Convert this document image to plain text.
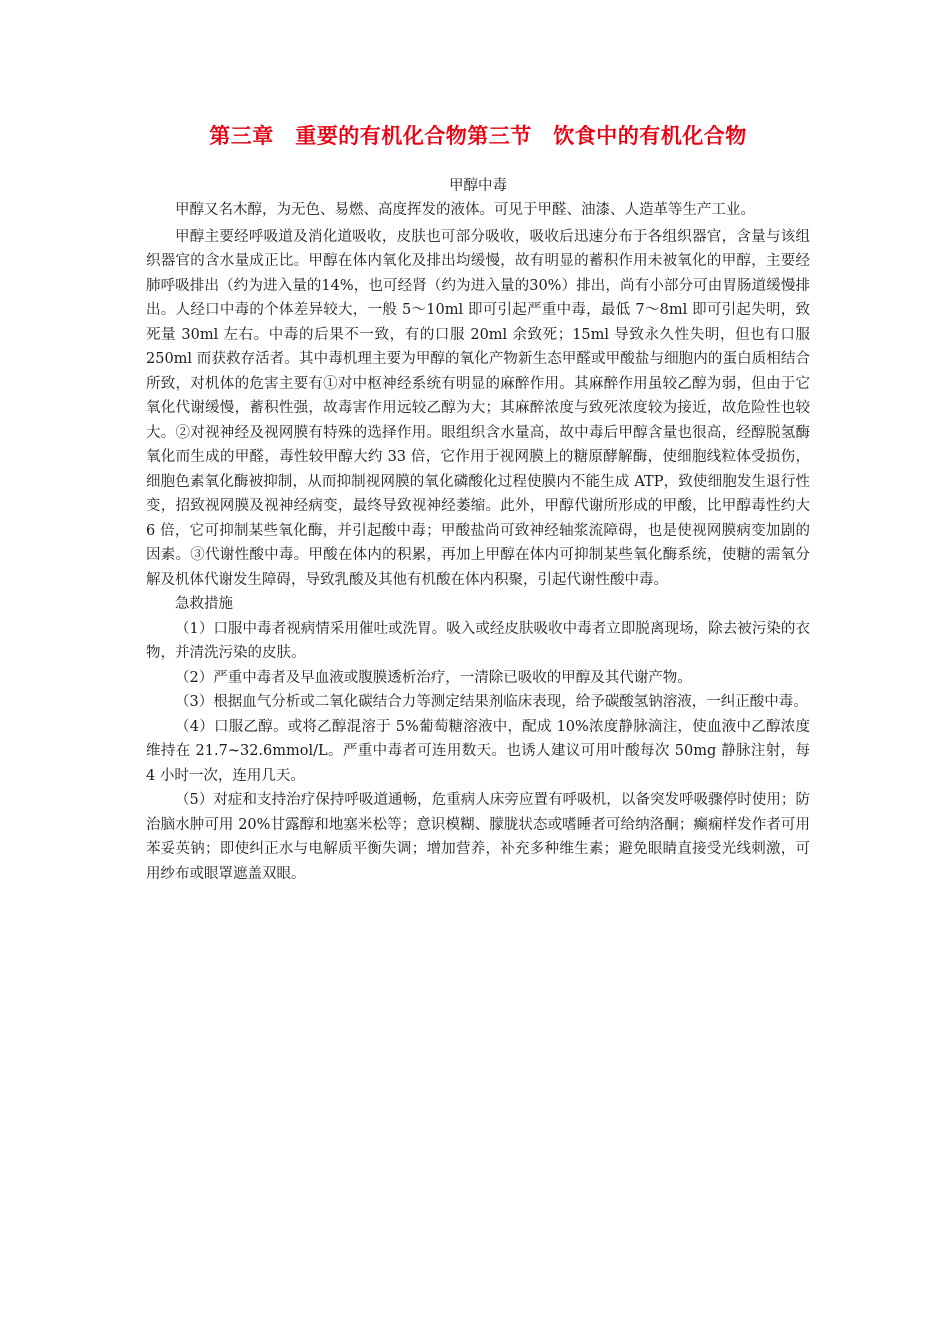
第三章　重要的有机化合物第三节　饮食中的有机化合物
甲醇中毒

甲醇又名木醇，为无色、易燃、高度挥发的液体。可见于甲醛、油漆、人造革等生产工业。

甲醇主要经呼吸道及消化道吸收，皮肤也可部分吸收，吸收后迅速分布于各组织器官，含量与该组织器官的含水量成正比。甲醇在体内氧化及排出均缓慢，故有明显的蓄积作用未被氧化的甲醇，主要经肺呼吸排出（约为进入量的14%，也可经肾（约为进入量的30%）排出，尚有小部分可由胃肠道缓慢排出。人经口中毒的个体差异较大，一般 5～10ml 即可引起严重中毒，最低 7～8ml 即可引起失明，致死量 30ml 左右。中毒的后果不一致，有的口服 20ml 余致死；15ml 导致永久性失明，但也有口服 250ml 而获救存活者。其中毒机理主要为甲醇的氧化产物新生态甲醛或甲酸盐与细胞内的蛋白质相结合所致，对机体的危害主要有①对中枢神经系统有明显的麻醉作用。其麻醉作用虽较乙醇为弱，但由于它氧化代谢缓慢，蓄积性强，故毒害作用远较乙醇为大；其麻醉浓度与致死浓度较为接近，故危险性也较大。②对视神经及视网膜有特殊的选择作用。眼组织含水量高，故中毒后甲醇含量也很高，经醇脱氢酶氧化而生成的甲醛，毒性较甲醇大约 33 倍，它作用于视网膜上的糖原酵解酶，使细胞线粒体受损伤，细胞色素氧化酶被抑制，从而抑制视网膜的氧化磷酸化过程使膜内不能生成 ATP，致使细胞发生退行性变，招致视网膜及视神经病变，最终导致视神经萎缩。此外，甲醇代谢所形成的甲酸，比甲醇毒性约大 6 倍，它可抑制某些氧化酶，并引起酸中毒；甲酸盐尚可致神经轴浆流障碍，也是使视网膜病变加剧的因素。③代谢性酸中毒。甲酸在体内的积累，再加上甲醇在体内可抑制某些氧化酶系统，使糖的需氧分解及机体代谢发生障碍，导致乳酸及其他有机酸在体内积聚，引起代谢性酸中毒。

急救措施

（1）口服中毒者视病情采用催吐或洗胃。吸入或经皮肤吸收中毒者立即脱离现场，除去被污染的衣物，并清洗污染的皮肤。

（2）严重中毒者及早血液或腹膜透析治疗，一清除已吸收的甲醇及其代谢产物。

（3）根据血气分析或二氧化碳结合力等测定结果剂临床表现，给予碳酸氢钠溶液，一纠正酸中毒。

（4）口服乙醇。或将乙醇混溶于 5%葡萄糖溶液中，配成 10%浓度静脉滴注，使血液中乙醇浓度维持在 21.7~32.6mmol/L。严重中毒者可连用数天。也诱人建议可用叶酸每次 50mg 静脉注射，每 4 小时一次，连用几天。

（5）对症和支持治疗保持呼吸道通畅，危重病人床旁应置有呼吸机，以备突发呼吸骤停时使用；防治脑水肿可用 20%甘露醇和地塞米松等；意识模糊、朦胧状态或嗜睡者可给纳洛酮；癫痫样发作者可用苯妥英钠；即使纠正水与电解质平衡失调；增加营养，补充多种维生素；避免眼睛直接受光线刺激，可用纱布或眼罩遮盖双眼。
